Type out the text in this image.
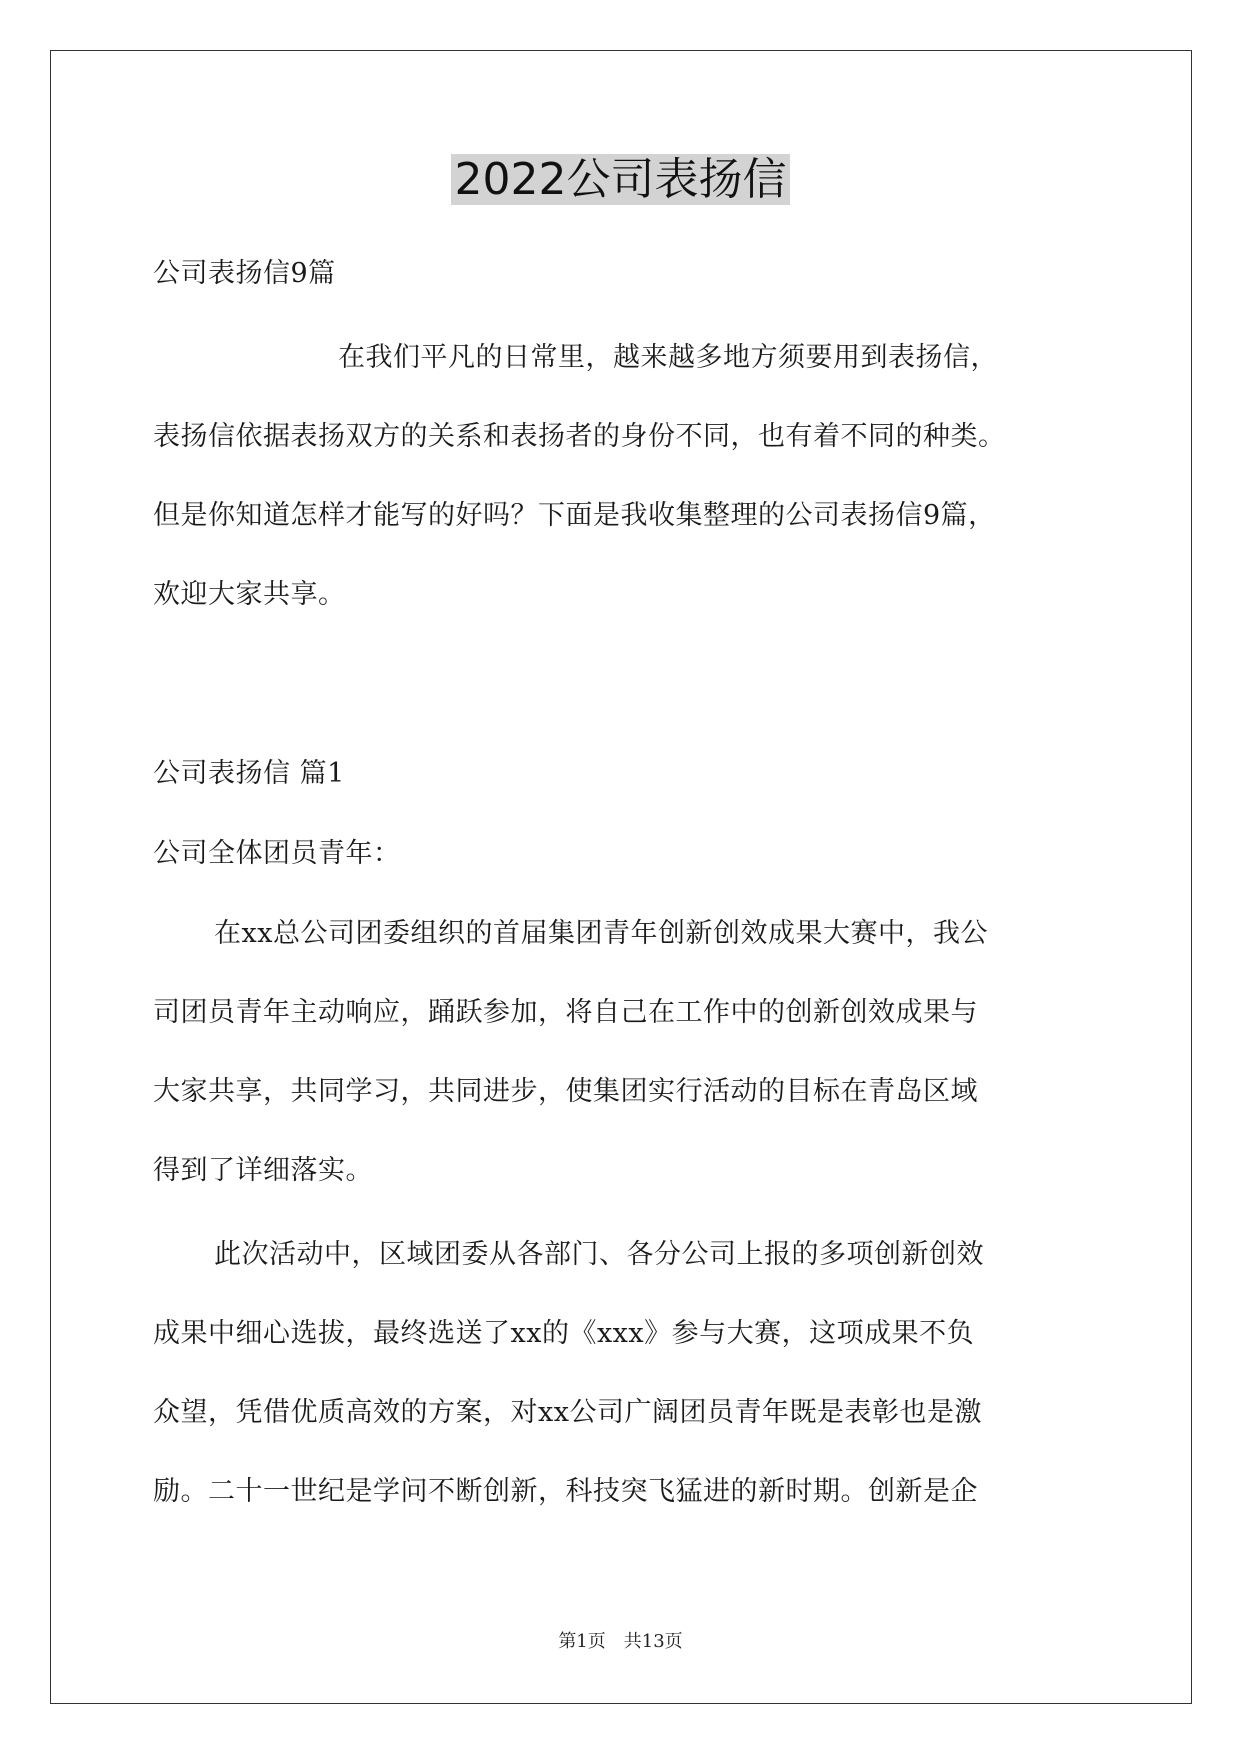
2022公司表扬信
公司表扬信9篇
在我们平凡的日常里，越来越多地方须要用到表扬信，
表扬信依据表扬双方的关系和表扬者的身份不同，也有着不同的种类。
但是你知道怎样才能写的好吗？下面是我收集整理的公司表扬信9篇，
欢迎大家共享。
公司表扬信 篇1
公司全体团员青年：
在xx总公司团委组织的首届集团青年创新创效成果大赛中，我公
司团员青年主动响应，踊跃参加，将自己在工作中的创新创效成果与
大家共享，共同学习，共同进步，使集团实行活动的目标在青岛区域
得到了详细落实。
此次活动中，区域团委从各部门、各分公司上报的多项创新创效
成果中细心选拔，最终选送了xx的《xxx》参与大赛，这项成果不负
众望，凭借优质高效的方案，对xx公司广阔团员青年既是表彰也是激
励。二十一世纪是学问不断创新，科技突飞猛进的新时期。创新是企
第1页 共13页
